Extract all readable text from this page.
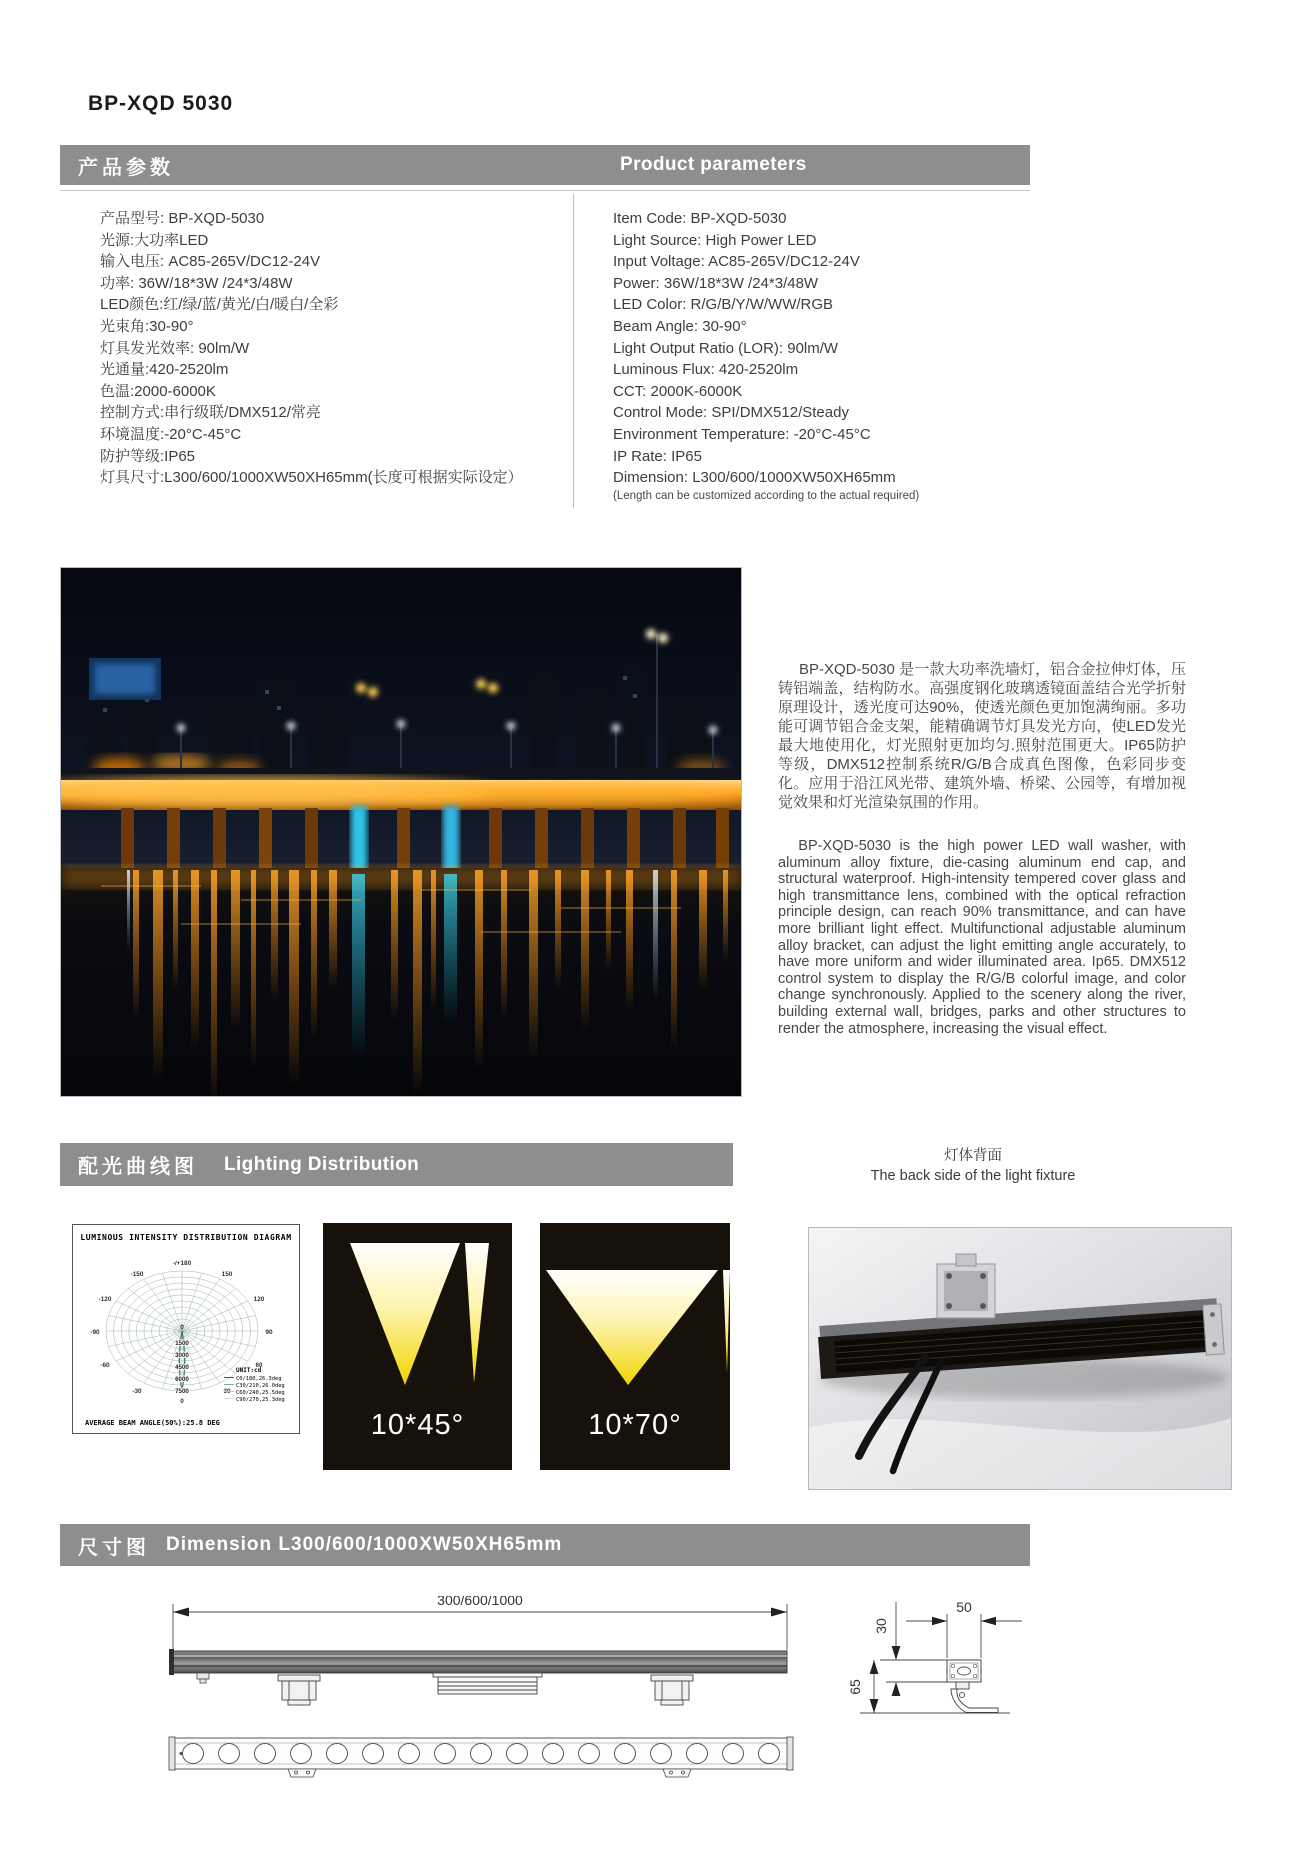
BP-XQD 5030
产品参数	Product parameters
产品型号: BP-XQD-5030
光源:大功率LED
输入电压: AC85-265V/DC12-24V
功率: 36W/18*3W /24*3/48W
LED颜色:红/绿/蓝/黄光/白/暖白/全彩
光束角:30-90°
灯具发光效率: 90lm/W
光通量:420-2520lm
色温:2000-6000K
控制方式:串行级联/DMX512/常亮
环境温度:-20°C-45°C
防护等级:IP65
灯具尺寸:L300/600/1000XW50XH65mm(长度可根据实际设定）
Item Code: BP-XQD-5030
Light Source: High Power LED
Input Voltage: AC85-265V/DC12-24V
Power: 36W/18*3W /24*3/48W
LED Color: R/G/B/Y/W/WW/RGB
Beam Angle: 30-90°
Light Output Ratio (LOR): 90lm/W
Luminous Flux: 420-2520lm
CCT: 2000K-6000K
Control Mode: SPI/DMX512/Steady
Environment Temperature: -20°C-45°C
IP Rate: IP65
Dimension: L300/600/1000XW50XH65mm
(Length can be customized according to the actual required)
BP-XQD-5030 是一款大功率洗墙灯，铝合金拉伸灯体，压铸铝端盖，结构防水。高强度钢化玻璃透镜面盖结合光学折射原理设计，透光度可达90%，使透光颜色更加饱满绚丽。多功能可调节铝合金支架，能精确调节灯具发光方向，使LED发光最大地使用化，灯光照射更加均匀.照射范围更大。IP65防护等级，DMX512控制系统R/G/B合成真色图像，色彩同步变化。应用于沿江风光带、建筑外墙、桥梁、公园等，有增加视觉效果和灯光渲染氛围的作用。
BP-XQD-5030 is the high power LED wall washer, with aluminum alloy fixture, die-casing aluminum end cap, and structural waterproof. High-intensity tempered cover glass and high transmittance lens, combined with the optical refraction principle design, can reach 90% transmittance, and can have more brilliant light effect. Multifunctional adjustable aluminum alloy bracket, can adjust the light emitting angle accurately, to have more uniform and wider illuminated area. Ip65. DMX512 control system to display the R/G/B colorful image, and color change synchronously. Applied to the scenery along the river, building external wall, bridges, parks and other structures to render the atmosphere, increasing the visual effect.
配光曲线图 Lighting Distribution	灯体背面
The back side of the light fixture
LUMINOUS INTENSITY DISTRIBUTION DIAGRAM
-/+180
-150	150
-120	120
-90	90
-60	60
-30	30
0
0
1500
3000
4500
6000
7500
UNIT:cd
C0/180,26.3deg
C30/210,26.0deg
C60/240,25.5deg
C90/270,25.3deg
AVERAGE BEAM ANGLE(50%):25.8 DEG	10*45°	10*70°
尺寸图 Dimension L300/600/1000XW50XH65mm
300/600/1000	50
30
65
